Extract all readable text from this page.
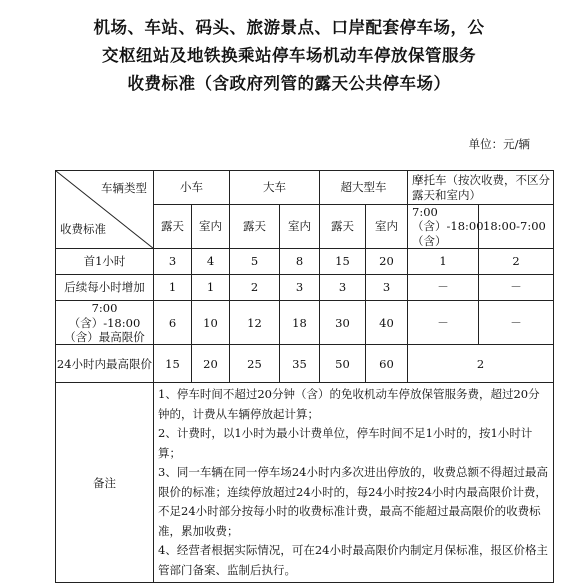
机场、车站、码头、旅游景点、口岸配套停车场，公
交枢纽站及地铁换乘站停车场机动车停放保管服务
收费标准（含政府列管的露天公共停车场）
单位：元/辆
车辆类型
收费标准	小车		大车		超大型车		摩托车（按次收费，不区分露天和室内）	
	露天	室内	露天	室内	露天	室内	7:00（含）-18:00（含）	18:00-7:00
首1小时	3	4	5	8	15	20	1	2
后续每小时增加	1	1	2	3	3	3	－	－
7:00（含）-18:00（含）最高限价	6	10	12	18	30	40	－	－
24小时内最高限价	15	20	25	35	50	60	2	
备注	1、停车时间不超过20分钟（含）的免收机动车停放保管服务费，超过20分钟的，计费从车辆停放起计算；
2、计费时，以1小时为最小计费单位，停车时间不足1小时的，按1小时计算；
3、同一车辆在同一停车场24小时内多次进出停放的，收费总额不得超过最高限价的标准；连续停放超过24小时的，每24小时按24小时内最高限价计费，不足24小时部分按每小时的收费标准计费，最高不能超过最高限价的收费标准，累加收费；
4、经营者根据实际情况，可在24小时最高限价内制定月保标准，报区价格主管部门备案、监制后执行。							
